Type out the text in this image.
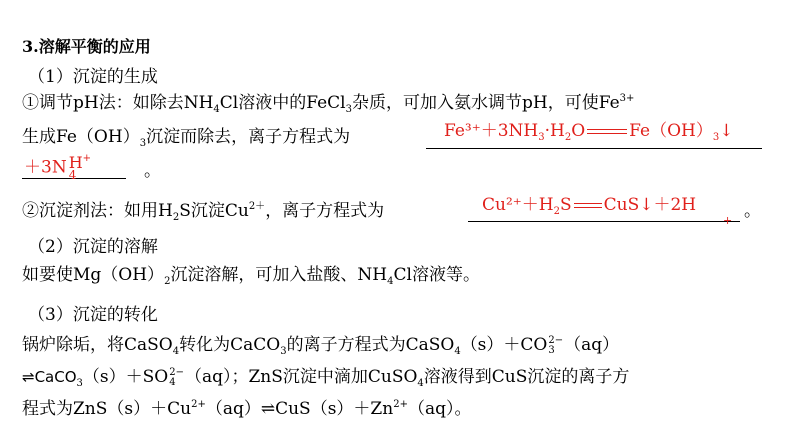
3.溶解平衡的应用
（1）沉淀的生成
①调节pH法：如除去$NH_4Cl$溶液中的FeCl$_3$杂质，可加入氨水调节pH，可使$Fe^{3+}$
生成$Fe(OH)_3$沉淀而除去，离子方程式为	$Fe^{3+}+3NH_3\cdot H_2O$	$Fe(OH)_3↓$
＋3N H+
4	。
②沉淀剂法：如用$H_2S$沉淀$Cu^{2+}$，离子方程式为	$Cu^{2+}+H_2S$ CuS↓＋2H
+ 。
（2）沉淀的溶解
如要使$Mg(OH)_2$沉淀溶解，可加入盐酸、$NH_4Cl$溶液等。
（3）沉淀的转化
锅炉除垢，将CaSO$_4$转化为CaCO$_3$的离子方程式为CaSO$_4$（s）＋CO 2−
3 （aq）
⇌CaCO$_3$（s）＋SO 2−
4 （aq）；ZnS沉淀中滴加CuSO$_4$溶液得到CuS沉淀的离子方
程式为$ZnS(s)+Cu^{2+}(aq)\rightleftharpoons CuS(s)+Zn^{2+}(aq)$。
